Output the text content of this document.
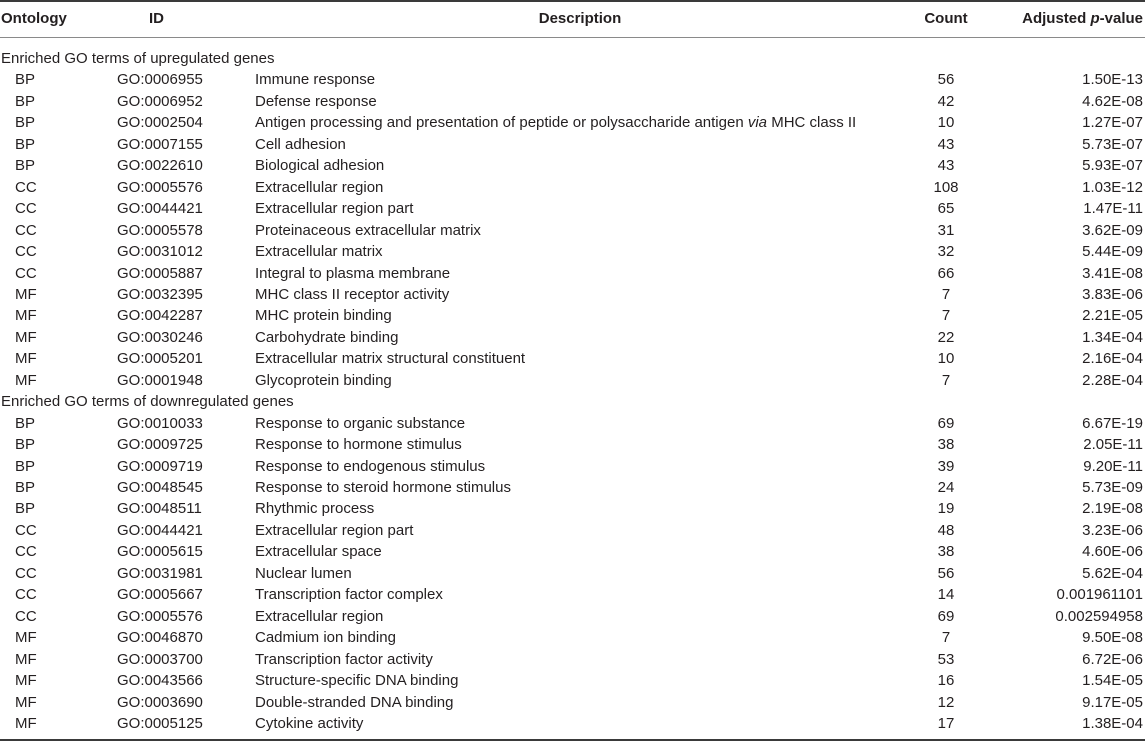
Ontology	ID	Description	Count	Adjusted p-value
Enriched GO terms of upregulated genes
BP	GO:0006955	Immune response	56	1.50E-13
BP	GO:0006952	Defense response	42	4.62E-08
BP	GO:0002504	Antigen processing and presentation of peptide or polysaccharide antigen via MHC class II	10	1.27E-07
BP	GO:0007155	Cell adhesion	43	5.73E-07
BP	GO:0022610	Biological adhesion	43	5.93E-07
CC	GO:0005576	Extracellular region	108	1.03E-12
CC	GO:0044421	Extracellular region part	65	1.47E-11
CC	GO:0005578	Proteinaceous extracellular matrix	31	3.62E-09
CC	GO:0031012	Extracellular matrix	32	5.44E-09
CC	GO:0005887	Integral to plasma membrane	66	3.41E-08
MF	GO:0032395	MHC class II receptor activity	7	3.83E-06
MF	GO:0042287	MHC protein binding	7	2.21E-05
MF	GO:0030246	Carbohydrate binding	22	1.34E-04
MF	GO:0005201	Extracellular matrix structural constituent	10	2.16E-04
MF	GO:0001948	Glycoprotein binding	7	2.28E-04
Enriched GO terms of downregulated genes
BP	GO:0010033	Response to organic substance	69	6.67E-19
BP	GO:0009725	Response to hormone stimulus	38	2.05E-11
BP	GO:0009719	Response to endogenous stimulus	39	9.20E-11
BP	GO:0048545	Response to steroid hormone stimulus	24	5.73E-09
BP	GO:0048511	Rhythmic process	19	2.19E-08
CC	GO:0044421	Extracellular region part	48	3.23E-06
CC	GO:0005615	Extracellular space	38	4.60E-06
CC	GO:0031981	Nuclear lumen	56	5.62E-04
CC	GO:0005667	Transcription factor complex	14	0.001961101
CC	GO:0005576	Extracellular region	69	0.002594958
MF	GO:0046870	Cadmium ion binding	7	9.50E-08
MF	GO:0003700	Transcription factor activity	53	6.72E-06
MF	GO:0043566	Structure-specific DNA binding	16	1.54E-05
MF	GO:0003690	Double-stranded DNA binding	12	9.17E-05
MF	GO:0005125	Cytokine activity	17	1.38E-04
